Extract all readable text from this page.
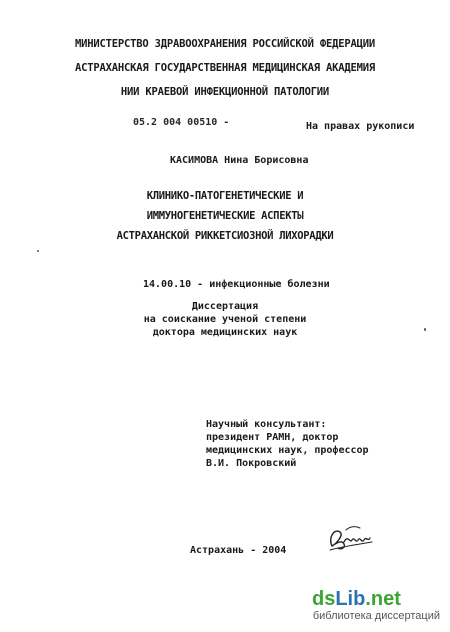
МИНИСТЕРСТВО ЗДРАВООХРАНЕНИЯ РОССИЙСКОЙ ФЕДЕРАЦИИ
АСТРАХАНСКАЯ ГОСУДАРСТВЕННАЯ МЕДИЦИНСКАЯ АКАДЕМИЯ
НИИ КРАЕВОЙ ИНФЕКЦИОННОЙ ПАТОЛОГИИ
05.2 004 00510 -	На правах рукописи
КАСИМОВА Нина Борисовна
КЛИНИКО-ПАТОГЕНЕТИЧЕСКИЕ И
ИММУНОГЕНЕТИЧЕСКИЕ АСПЕКТЫ
АСТРАХАНСКОЙ РИККЕТСИОЗНОЙ ЛИХОРАДКИ
14.00.10 - инфекционные болезни
Диссертация
на соискание ученой степени
доктора медицинских наук
Научный консультант:
президент РАМН, доктор
медицинских наук, профессор
В.И. Покровский
Астрахань - 2004
dsLib.net
библиотека диссертаций
